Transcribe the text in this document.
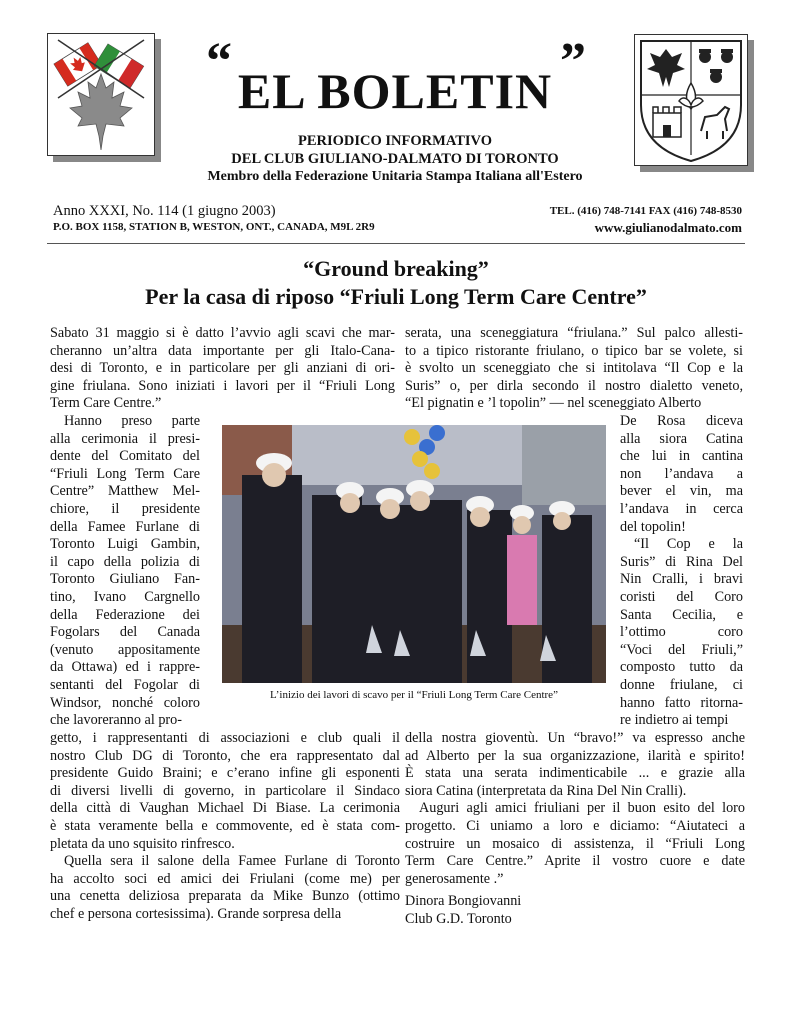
“	”
EL BOLETIN
PERIODICO INFORMATIVO
DEL CLUB GIULIANO-DALMATO DI TORONTO
Membro della Federazione Unitaria Stampa Italiana all'Estero
Anno XXXI, No. 114 (1 giugno 2003)
P.O. BOX 1158, STATION B, WESTON, ONT., CANADA, M9L 2R9
TEL. (416) 748-7141 FAX (416) 748-8530
www.giulianodalmato.com
“Ground breaking”
Per la casa di riposo “Friuli Long Term Care Centre”
Sabato 31 maggio si è datto l’avvio agli scavi che mar-
cheranno un’altra data importante per gli Italo-Cana-
desi di Toronto, e in particolare per gli anziani di ori-
gine friulana. Sono iniziati i lavori per il “Friuli Long
Term Care Centre.”
Hanno preso parte
alla cerimonia il presi-
dente del Comitato del
“Friuli Long Term Care
Centre” Matthew Mel-
chiore, il presidente
della Famee Furlane di
Toronto Luigi Gambin,
il capo della polizia di
Toronto Giuliano Fan-
tino, Ivano Cargnello
della Federazione dei
Fogolars del Canada
(venuto appositamente
da Ottawa) ed i rappre-
sentanti del Fogolar di
Windsor, nonché coloro
che lavoreranno al pro-
getto, i rappresentanti di associazioni e club quali il
nostro Club DG di Toronto, che era rappresentato dal
presidente Guido Braini; e c’erano infine gli esponenti
di diversi livelli di governo, in particolare il Sindaco
della città di Vaughan Michael Di Biase. La cerimonia
è stata veramente bella e commovente, ed è stata com-
pletata da uno squisito rinfresco.
Quella sera il salone della Famee Furlane di Toronto
ha accolto soci ed amici dei Friulani (come me) per
una cenetta deliziosa preparata da Mike Bunzo (ottimo
chef e persona cortesissima). Grande sorpresa della
serata, una sceneggiatura “friulana.” Sul palco allesti-
to a tipico ristorante friulano, o tipico bar se volete, si
è svolto un sceneggiato che si intitolava “Il Cop e la
Suris” o, per dirla secondo il nostro dialetto veneto,
“El pignatin e ’l topolin” — nel sceneggiato Alberto
De Rosa diceva
alla siora Catina
che lui in cantina
non l’andava a
bever el vin, ma
l’andava in cerca
del topolin!
“Il Cop e la
Suris” di Rina Del
Nin Cralli, i bravi
coristi del Coro
Santa Cecilia, e
l’ottimo coro
“Voci del Friuli,”
composto tutto da
donne friulane, ci
hanno fatto ritorna-
re indietro ai tempi
della nostra gioventù. Un “bravo!” va espresso anche
ad Alberto per la sua organizzazione, ilarità e spirito!
È stata una serata indimenticabile ... e grazie alla
siora Catina (interpretata da Rina Del Nin Cralli).
Auguri agli amici friuliani per il buon esito del loro
progetto. Ci uniamo a loro e diciamo: “Aiutateci a
costruire un mosaico di assistenza, il “Friuli Long
Term Care Centre.” Aprite il vostro cuore e date
generosamente .”
Dinora Bongiovanni
Club G.D. Toronto
L’inizio dei lavori di scavo per il “Friuli Long Term Care Centre”
